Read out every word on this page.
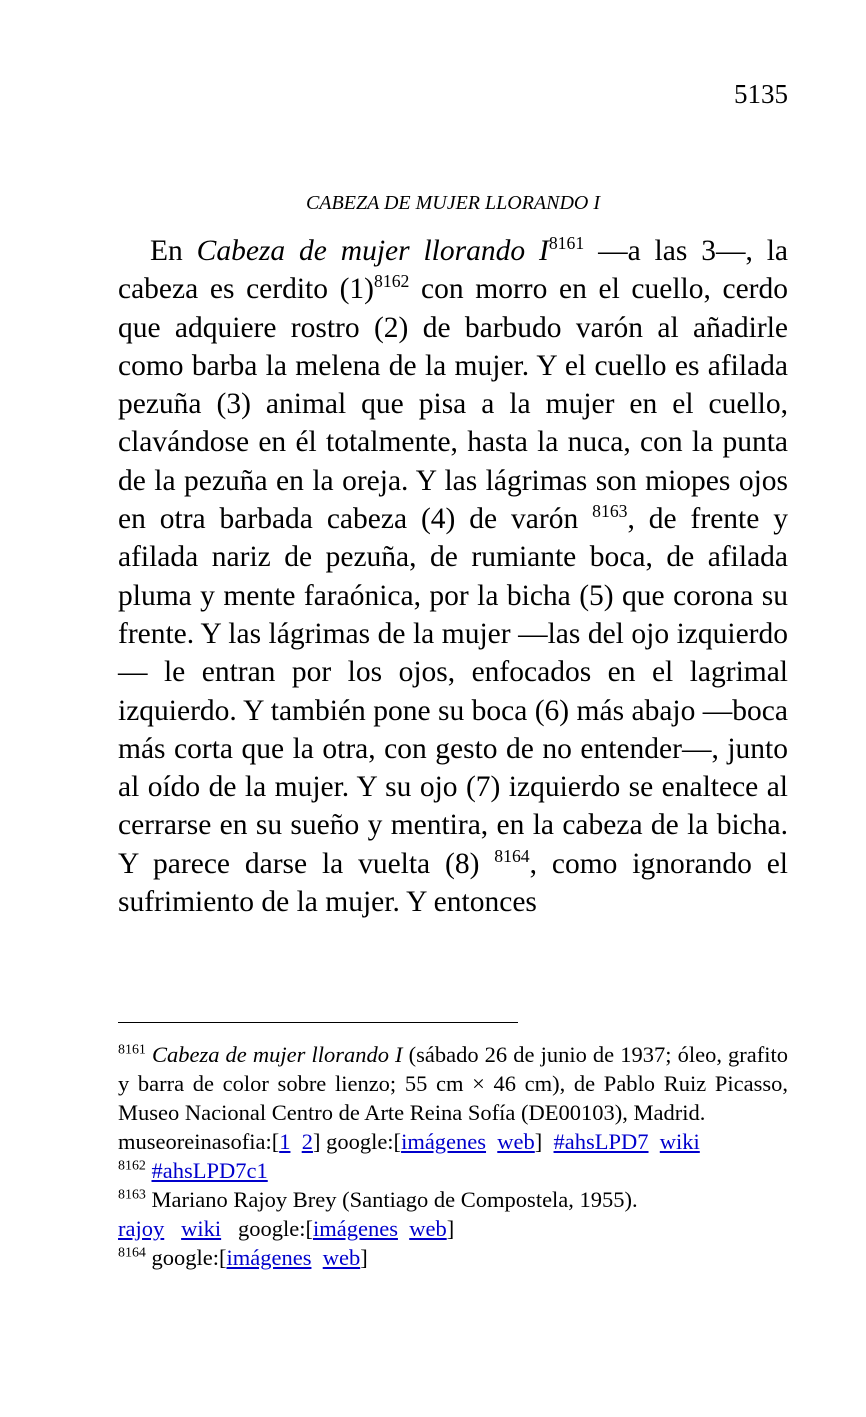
5135
CABEZA DE MUJER LLORANDO I

En Cabeza de mujer llorando $I^{8161}$ —a las 3—, la cabeza es cerdito $(1)^{8162}$ con morro en el cuello, cerdo que adquiere rostro (2) de barbudo varón al añadirle como barba la melena de la mujer. Y el cuello es afilada pezuña (3) animal que pisa a la mujer en el cuello, clavándose en él totalmente, hasta la nuca, con la punta de la pezuña en la oreja. Y las lágrimas son miopes ojos en otra barbada cabeza (4) de varón $^{8163}$, de frente y afilada nariz de pezuña, de rumiante boca, de afilada pluma y mente faraónica, por la bicha (5) que corona su frente. Y las lágrimas de la mujer —las del ojo izquierdo— le entran por los ojos, enfocados en el lagrimal izquierdo. Y también pone su boca (6) más abajo —boca más corta que la otra, con gesto de no entender—, junto al oído de la mujer. Y su ojo (7) izquierdo se enaltece al cerrarse en su sueño y mentira, en la cabeza de la bicha. Y parece darse la vuelta (8) $^{8164}$, como ignorando el sufrimiento de la mujer. Y entonces

$^{8161}$ Cabeza de mujer llorando I (sábado 26 de junio de 1937; óleo, grafito y barra de color sobre lienzo; 55 cm × 46 cm), de Pablo Ruiz Picasso, Museo Nacional Centro de Arte Reina Sofía (DE00103), Madrid.

museoreinasofia:[1 2] google:[imágenes web] #ahsLPD7 wiki

$^{8162}$ #ahsLPD7c1

$^{8163}$ Mariano Rajoy Brey (Santiago de Compostela, 1955).

rajoy wiki google:[imágenes web]

$^{8164}$ google:[imágenes web]
